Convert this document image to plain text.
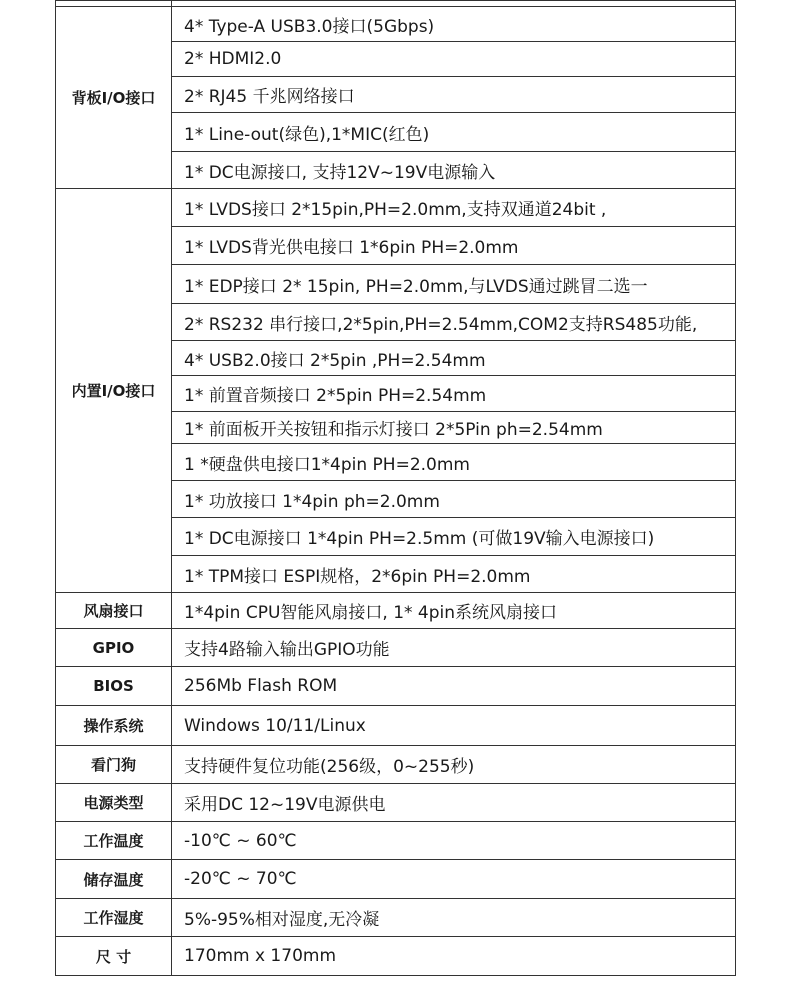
背板I/O接口	4* Type-A USB3.0接口(5Gbps)
	2* HDMI2.0
	2* RJ45 千兆网络接口
	1* Line-out(绿色),1*MIC(红色)
	1* DC电源接口, 支持12V~19V电源输入
内置I/O接口	1* LVDS接口 2*15pin,PH=2.0mm,支持双通道24bit ,
	1* LVDS背光供电接口 1*6pin PH=2.0mm
	1* EDP接口 2* 15pin, PH=2.0mm,与LVDS通过跳冒二选一
	2* RS232 串行接口,2*5pin,PH=2.54mm,COM2支持RS485功能,
	4* USB2.0接口 2*5pin ,PH=2.54mm
	1* 前置音频接口 2*5pin PH=2.54mm
	1* 前面板开关按钮和指示灯接口 2*5Pin ph=2.54mm
	1 *硬盘供电接口1*4pin PH=2.0mm
	1* 功放接口 1*4pin ph=2.0mm
	1* DC电源接口 1*4pin PH=2.5mm (可做19V输入电源接口)
	1* TPM接口 ESPI规格，2*6pin PH=2.0mm
风扇接口	1*4pin CPU智能风扇接口, 1* 4pin系统风扇接口
GPIO	支持4路输入输出GPIO功能
BIOS	256Mb Flash ROM
操作系统	Windows 10/11/Linux
看门狗	支持硬件复位功能(256级，0~255秒)
电源类型	采用DC 12~19V电源供电
工作温度	-10℃ ~ 60℃
储存温度	-20℃ ~ 70℃
工作湿度	5%-95%相对湿度,无冷凝
尺 寸	170mm x 170mm
